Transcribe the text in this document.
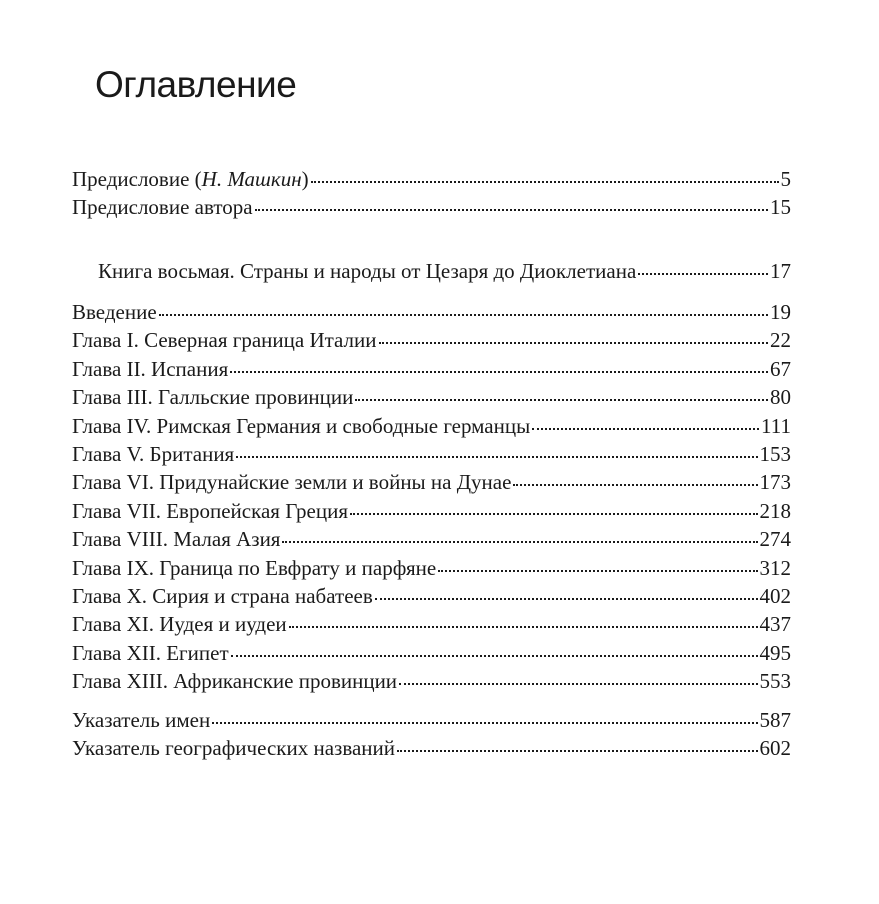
Оглавление
Предисловие (Н. Машкин)	5
Предисловие автора	15
Книга восьмая. Страны и народы от Цезаря до Диоклетиана	17
Введение	19
Глава I. Северная граница Италии	22
Глава II. Испания	67
Глава III. Галльские провинции	80
Глава IV. Римская Германия и свободные германцы	111
Глава V. Британия	153
Глава VI. Придунайские земли и войны на Дунае	173
Глава VII. Европейская Греция	218
Глава VIII. Малая Азия	274
Глава IX. Граница по Евфрату и парфяне	312
Глава X. Сирия и страна набатеев	402
Глава XI. Иудея и иудеи	437
Глава XII. Египет	495
Глава XIII. Африканские провинции	553
Указатель имен	587
Указатель географических названий	602
